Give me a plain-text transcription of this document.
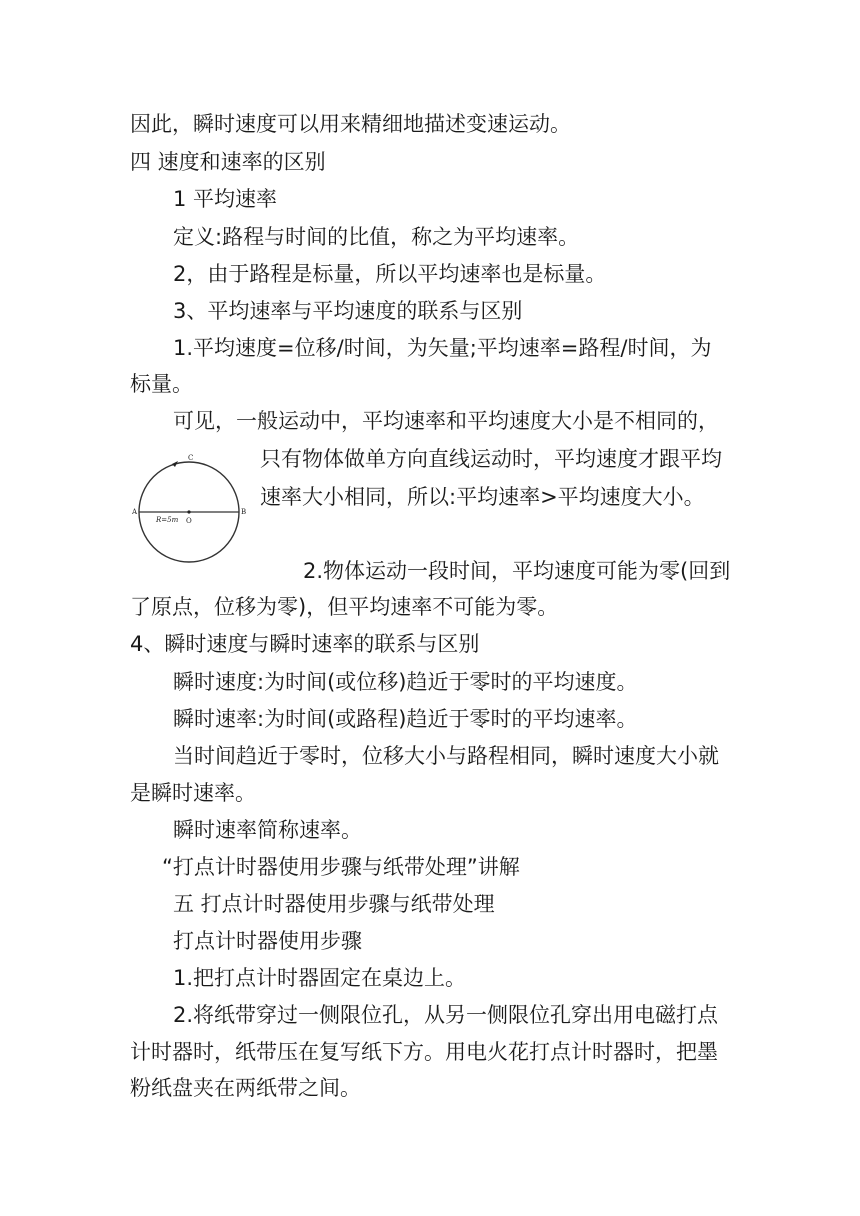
因此，瞬时速度可以用来精细地描述变速运动。
四 速度和速率的区别
1 平均速率
定义:路程与时间的比值，称之为平均速率。
2，由于路程是标量，所以平均速率也是标量。
3、平均速率与平均速度的联系与区别
1.平均速度=位移/时间，为矢量;平均速率=路程/时间，为
标量。
可见，一般运动中，平均速率和平均速度大小是不相同的，
A	B
C
O
R=5m
只有物体做单方向直线运动时，平均速度才跟平均
速率大小相同，所以:平均速率>平均速度大小。
2.物体运动一段时间，平均速度可能为零(回到
了原点，位移为零)，但平均速率不可能为零。
4、瞬时速度与瞬时速率的联系与区别
瞬时速度:为时间(或位移)趋近于零时的平均速度。
瞬时速率:为时间(或路程)趋近于零时的平均速率。
当时间趋近于零时，位移大小与路程相同，瞬时速度大小就
是瞬时速率。
瞬时速率简称速率。
“打点计时器使用步骤与纸带处理”讲解
五 打点计时器使用步骤与纸带处理
打点计时器使用步骤
1.把打点计时器固定在桌边上。
2.将纸带穿过一侧限位孔，从另一侧限位孔穿出用电磁打点
计时器时，纸带压在复写纸下方。用电火花打点计时器时，把墨
粉纸盘夹在两纸带之间。
